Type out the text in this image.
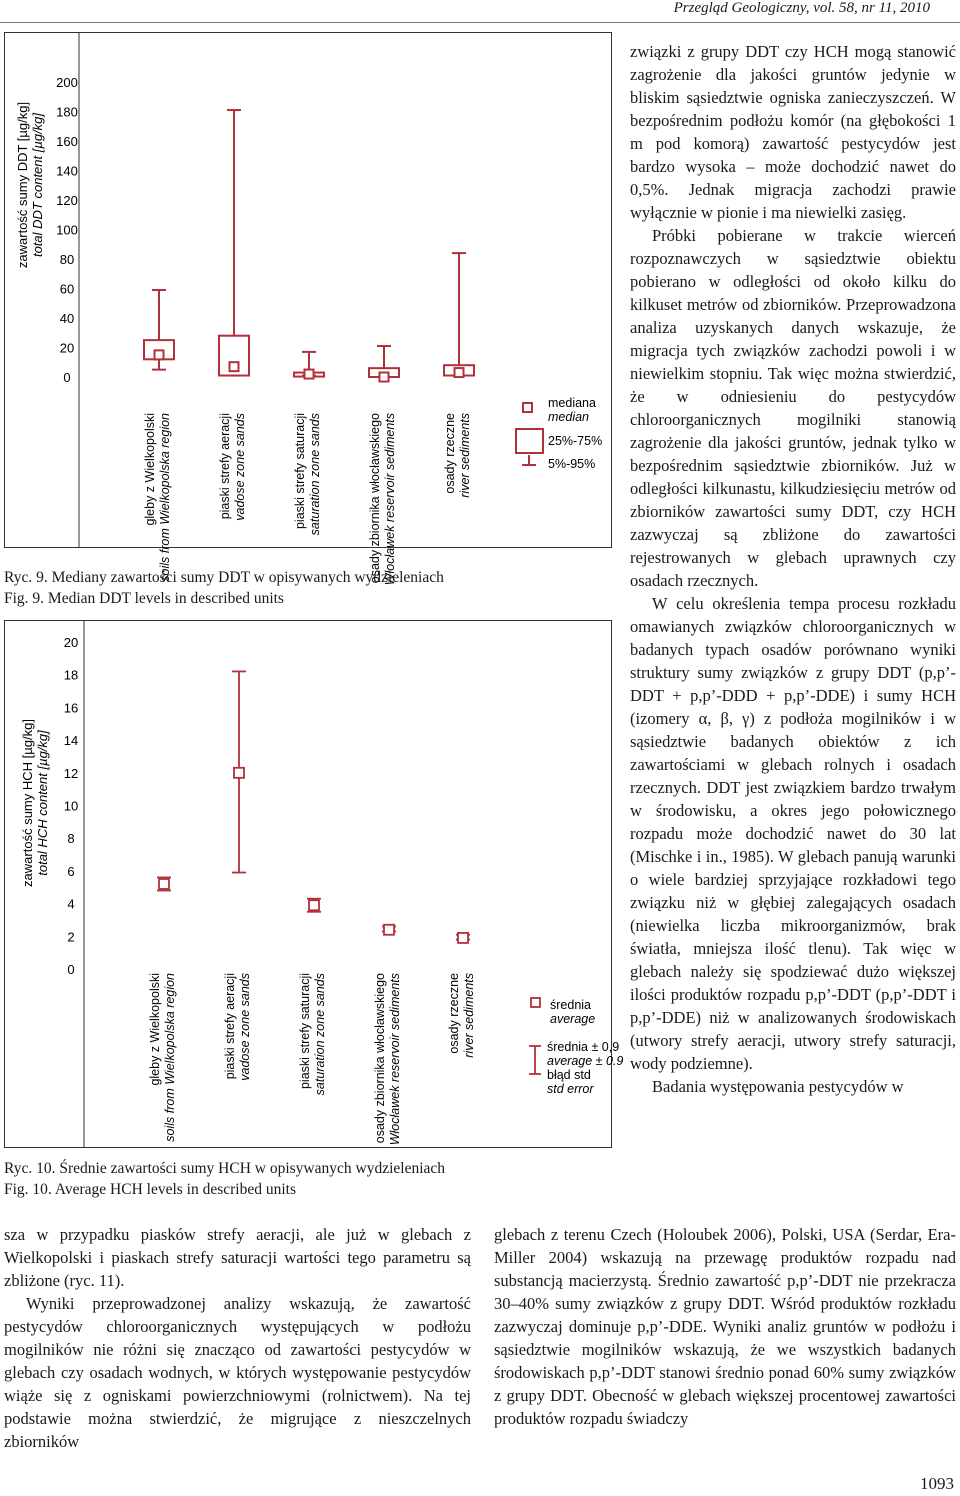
Przegląd Geologiczny, vol. 58, nr 11, 2010
zawartość sumy DDT [µg/kg] total DDT content [µg/kg]
0
20
40
60
80
100
120
140
160
180
200
gleby z Wielkopolski soils from Wielkopolska region	piaski strefy aeracji vadose zone sands	piaski strefy saturacji saturation zone sands	osady zbiornika włocławskiego Włocławek reservoir sediments	osady rzeczne river sediments
mediana
median
25%-75%
5%-95%
Ryc. 9. Mediany zawartości sumy DDT w opisywanych wydzieleniach
Fig. 9. Median DDT levels in described units
zawartość sumy HCH [µg/kg] total HCH content [µg/kg]
0
2
4
6
8
10
12
14
16
18
20
gleby z Wielkopolski soils from Wielkopolska region	piaski strefy aeracji vadose zone sands	piaski strefy saturacji saturation zone sands	osady zbiornika włocławskiego Włocławek reservoir sediments	osady rzeczne river sediments	średnia
average
średnia ± 0,9
average ± 0.9
błąd std
std error
Ryc. 10. Średnie zawartości sumy HCH w opisywanych wydzieleniach
Fig. 10. Average HCH levels in described units

sza w przypadku piasków strefy aeracji, ale już w glebach z Wielkopolski i piaskach strefy saturacji wartości tego parametru są zbliżone (ryc. 11).

Wyniki przeprowadzonej analizy wskazują, że zawartość pestycydów chloroorganicznych występujących w podłożu mogilników nie różni się znacząco od zawartości pestycydów w glebach czy osadach wodnych, w których występowanie pestycydów wiąże się z ogniskami powierzchniowymi (rolnictwem). Na tej podstawie można stwierdzić, że migrujące z nieszczelnych zbiorników

związki z grupy DDT czy HCH mogą stanowić zagrożenie dla jakości gruntów jedynie w bliskim sąsiedztwie ogniska zanieczyszczeń. W bezpośrednim podłożu komór (na głębokości 1 m pod komorą) zawartość pestycydów jest bardzo wysoka – może dochodzić nawet do 0,5%. Jednak migracja zachodzi prawie wyłącznie w pionie i ma niewielki zasięg.

Próbki pobierane w trakcie wierceń rozpoznawczych w sąsiedztwie obiektu pobierano w odległości od około kilku do kilkuset metrów od zbiorników. Przeprowadzona analiza uzyskanych danych wskazuje, że migracja tych związków zachodzi powoli i w niewielkim stopniu. Tak więc można stwierdzić, że w odniesieniu do pestycydów chloroorganicznych mogilniki stanowią zagrożenie dla jakości gruntów, jednak tylko w bezpośrednim sąsiedztwie zbiorników. Już w odległości kilkunastu, kilkudziesięciu metrów od zbiorników zawartości sumy DDT, czy HCH zazwyczaj są zbliżone do zawartości rejestrowanych w glebach uprawnych czy osadach rzecznych.

W celu określenia tempa procesu rozkładu omawianych związków chloroorganicznych w badanych typach osadów porównano wyniki struktury sumy związków z grupy DDT (p,p’-DDT + p,p’-DDD + p,p’-DDE) i sumy HCH (izomery α, β, γ) z podłoża mogilników i w sąsiedztwie badanych obiektów z ich zawartościami w glebach rolnych i osadach rzecznych. DDT jest związkiem bardzo trwałym w środowisku, a okres jego połowicznego rozpadu może dochodzić nawet do 30 lat (Mischke i in., 1985). W glebach panują warunki o wiele bardziej sprzyjające rozkładowi tego związku niż w głębiej zalegających osadach (niewielka liczba mikroorganizmów, brak światła, mniejsza ilość tlenu). Tak więc w glebach należy się spodziewać dużo większej ilości produktów rozpadu p,p’-DDT (p,p’-DDT i p,p’-DDE) niż w analizowanych środowiskach (utwory strefy aeracji, utwory strefy saturacji, wody podziemne).

Badania występowania pestycydów w

glebach z terenu Czech (Holoubek 2006), Polski, USA (Serdar, Era-Miller 2004) wskazują na przewagę produktów rozpadu nad substancją macierzystą. Średnio zawartość p,p’-DDT nie przekracza 30–40% sumy związków z grupy DDT. Wśród produktów rozkładu zazwyczaj dominuje p,p’-DDE. Wyniki analiz gruntów w podłożu i sąsiedztwie mogilników wskazują, że we wszystkich badanych środowiskach p,p’-DDT stanowi średnio ponad 60% sumy związków z grupy DDT. Obecność w glebach większej procentowej zawartości produktów rozpadu świadczy

1093
